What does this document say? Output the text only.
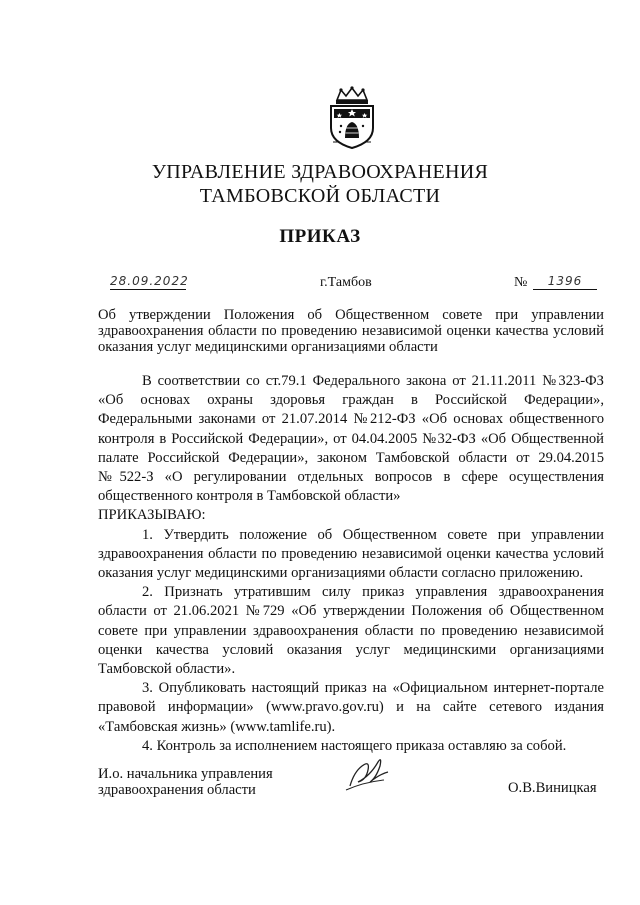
УПРАВЛЕНИЕ ЗДРАВООХРАНЕНИЯ
ТАМБОВСКОЙ ОБЛАСТИ
ПРИКАЗ
28.09.2022	г.Тамбов	№	1396
Об утверждении Положения об Общественном совете при управлении здравоохранения области по проведению независимой оценки качества условий оказания услуг медицинскими организациями области

В соответствии со ст.79.1 Федерального закона от 21.11.2011 №323-ФЗ «Об основах охраны здоровья граждан в Российской Федерации», Федеральными законами от 21.07.2014 №212-ФЗ «Об основах общественного контроля в Российской Федерации», от 04.04.2005 №32-ФЗ «Об Общественной палате Российской Федерации», законом Тамбовской области от 29.04.2015 №522-З «О регулировании отдельных вопросов в сфере осуществления общественного контроля в Тамбовской области»

ПРИКАЗЫВАЮ:

1. Утвердить положение об Общественном совете при управлении здравоохранения области по проведению независимой оценки качества условий оказания услуг медицинскими организациями области согласно приложению.

2. Признать утратившим силу приказ управления здравоохранения области от 21.06.2021 №729 «Об утверждении Положения об Общественном совете при управлении здравоохранения области по проведению независимой оценки качества условий оказания услуг медицинскими организациями Тамбовской области».

3. Опубликовать настоящий приказ на «Официальном интернет-портале правовой информации» (www.pravo.gov.ru) и на сайте сетевого издания «Тамбовская жизнь» (www.tamlife.ru).

4. Контроль за исполнением настоящего приказа оставляю за собой.

И.о. начальника управления
здравоохранения области	О.В.Виницкая
